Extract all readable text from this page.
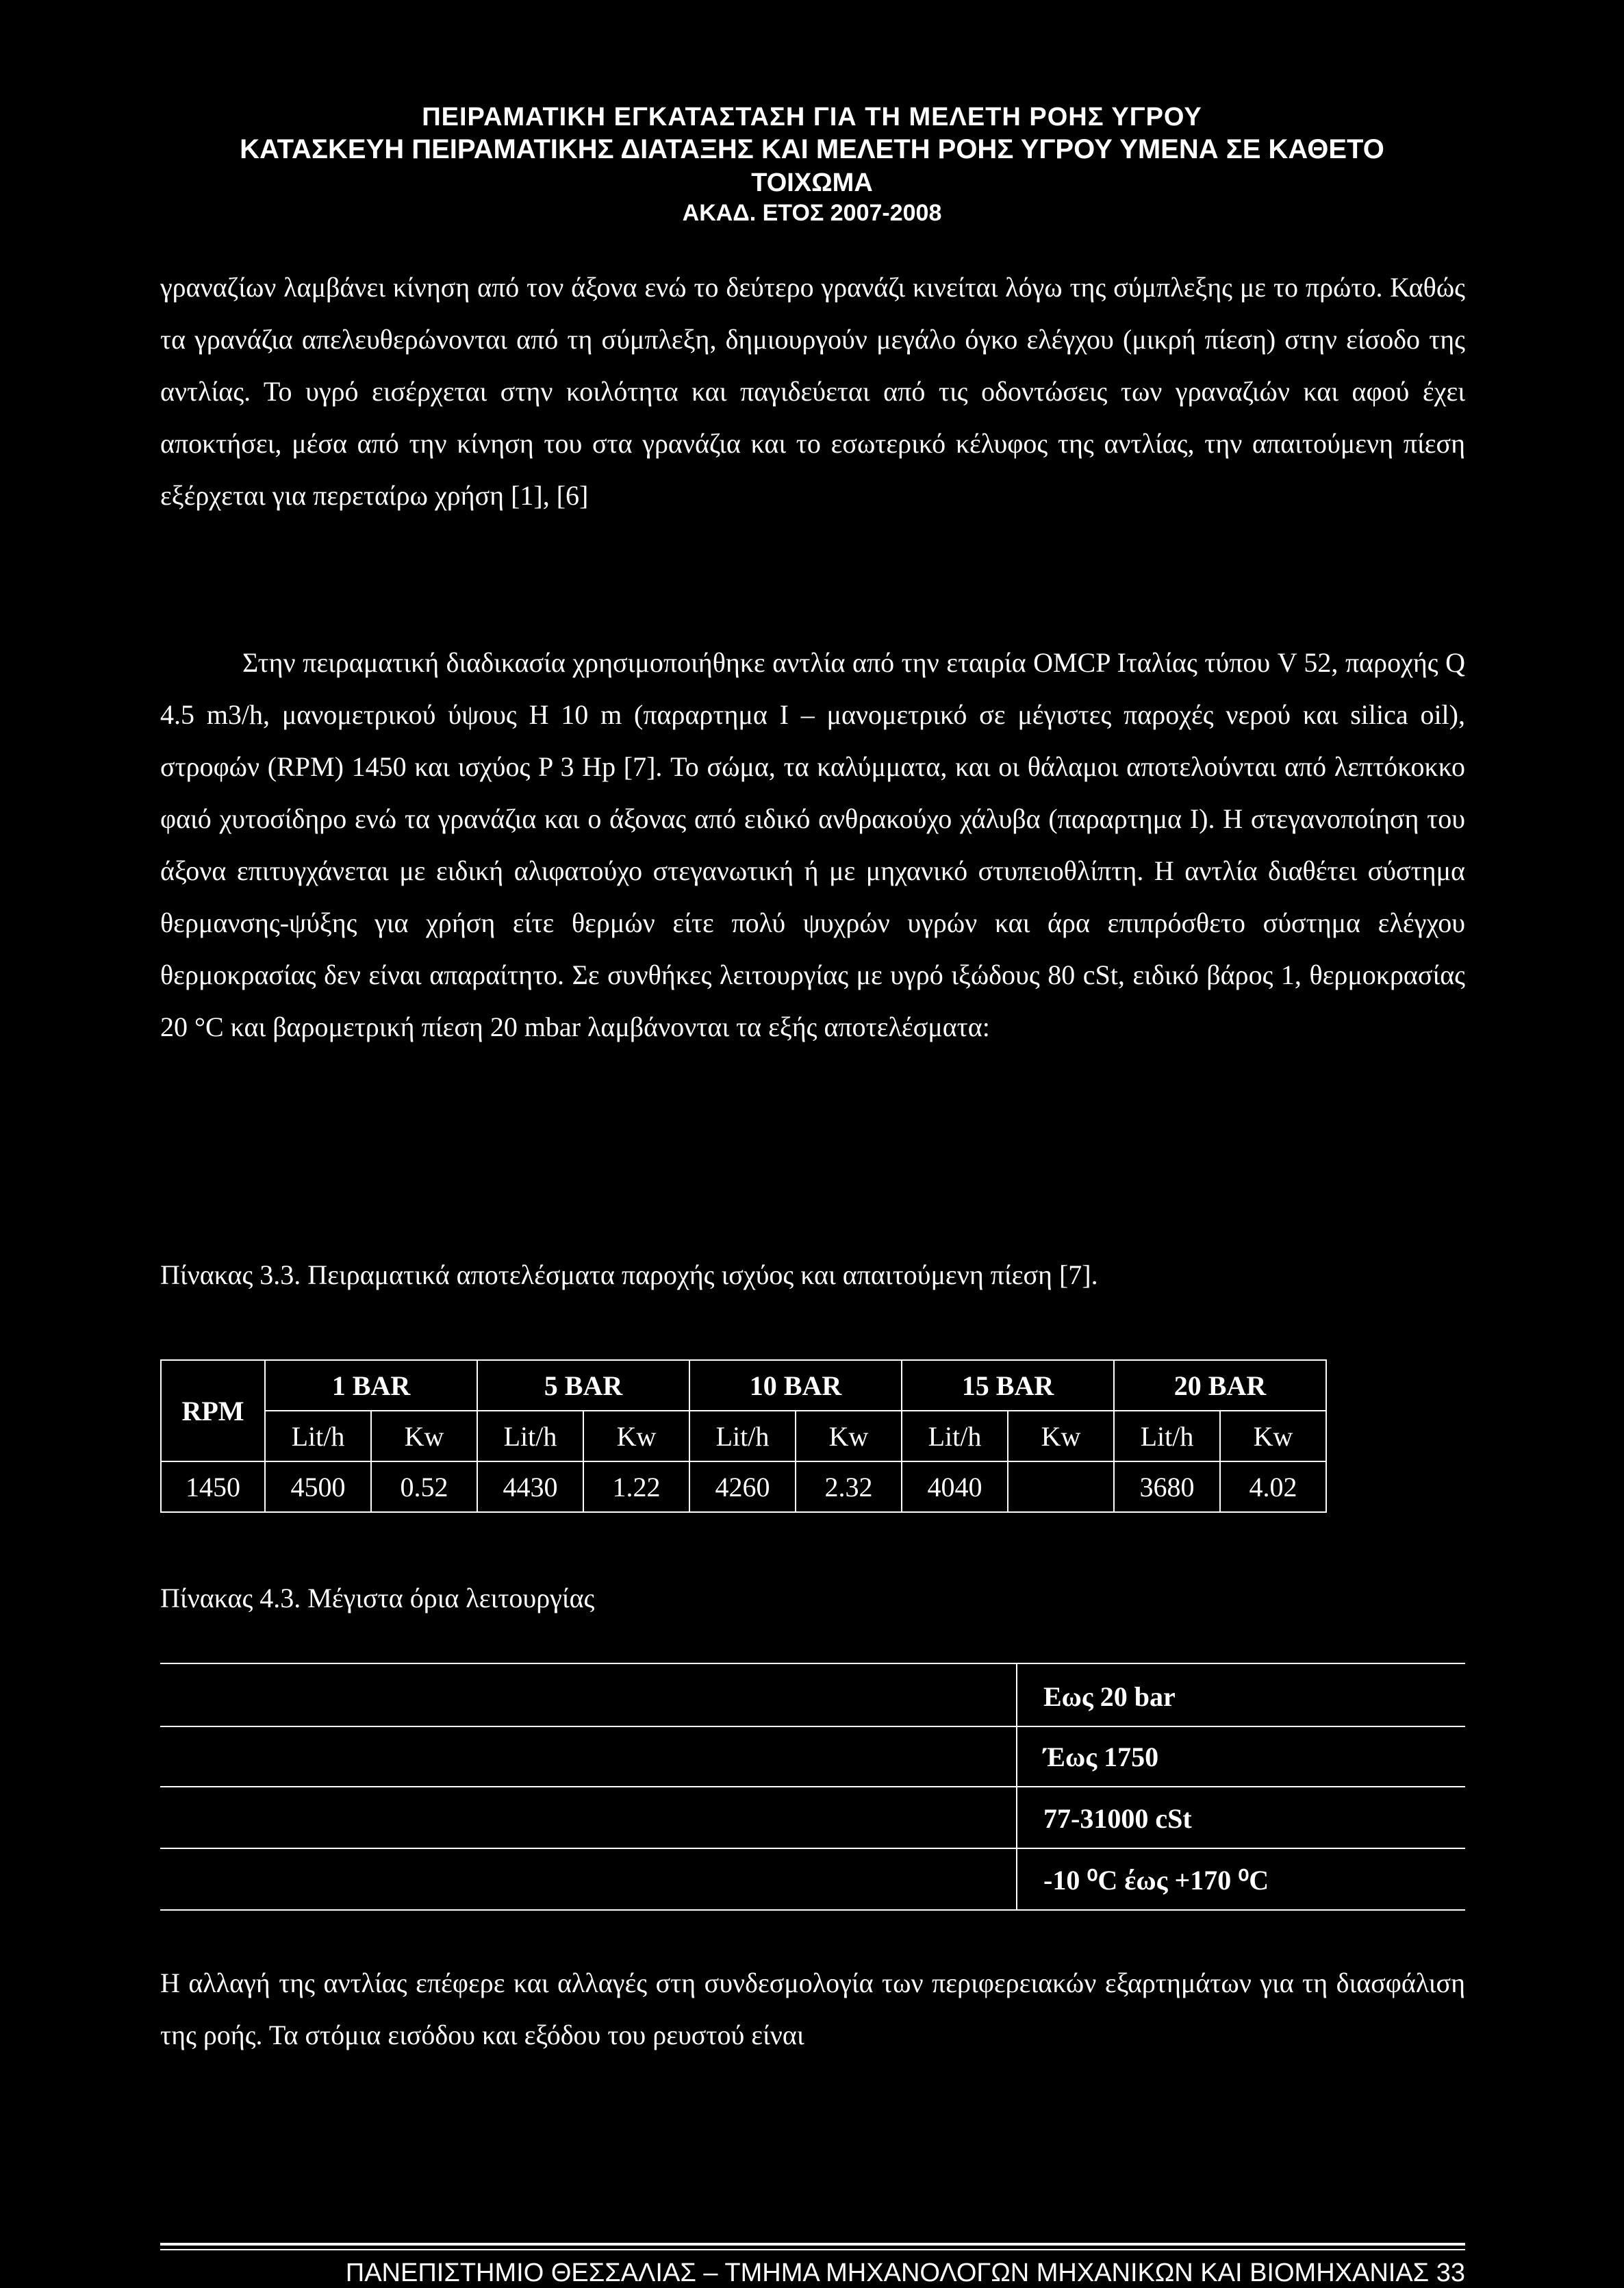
ΠΕΙΡΑΜΑΤΙΚΗ ΕΓΚΑΤΑΣΤΑΣΗ ΓΙΑ ΤΗ ΜΕΛΕΤΗ ΡΟΗΣ ΥΓΡΟΥ
ΚΑΤΑΣΚΕΥΗ ΠΕΙΡΑΜΑΤΙΚΗΣ ΔΙΑΤΑΞΗΣ ΚΑΙ ΜΕΛΕΤΗ ΡΟΗΣ ΥΓΡΟΥ ΥΜΕΝΑ ΣΕ ΚΑΘΕΤΟ
ΤΟΙΧΩΜΑ
ΑΚΑΔ. ΕΤΟΣ 2007-2008

γραναζίων λαμβάνει κίνηση από τον άξονα ενώ το δεύτερο γρανάζι κινείται λόγω της σύμπλεξης με το πρώτο. Καθώς τα γρανάζια απελευθερώνονται από τη σύμπλεξη, δημιουργούν μεγάλο όγκο ελέγχου (μικρή πίεση) στην είσοδο της αντλίας. Το υγρό εισέρχεται στην κοιλότητα και παγιδεύεται από τις οδοντώσεις των γραναζιών και αφού έχει αποκτήσει, μέσα από την κίνηση του στα γρανάζια και το εσωτερικό κέλυφος της αντλίας, την απαιτούμενη πίεση εξέρχεται για περεταίρω χρήση [1], [6]

Στην πειραματική διαδικασία χρησιμοποιήθηκε αντλία από την εταιρία OMCP Ιταλίας τύπου V 52, παροχής Q 4.5 m3/h, μανομετρικού ύψους H 10 m (παραρτημα I – μανομετρικό σε μέγιστες παροχές νερού και silica oil), στροφών (RPM) 1450 και ισχύος P 3 Hp [7]. Το σώμα, τα καλύμματα, και οι θάλαμοι αποτελούνται από λεπτόκοκκο φαιό χυτοσίδηρο ενώ τα γρανάζια και ο άξονας από ειδικό ανθρακούχο χάλυβα (παραρτημα I). Η στεγανοποίηση του άξονα επιτυγχάνεται με ειδική αλιφατούχο στεγανωτική ή με μηχανικό στυπειοθλίπτη. Η αντλία διαθέτει σύστημα θερμανσης-ψύξης για χρήση είτε θερμών είτε πολύ ψυχρών υγρών και άρα επιπρόσθετο σύστημα ελέγχου θερμοκρασίας δεν είναι απαραίτητο. Σε συνθήκες λειτουργίας με υγρό ιξώδους 80 cSt, ειδικό βάρος 1, θερμοκρασίας 20 °C και βαρομετρική πίεση 20 mbar λαμβάνονται τα εξής αποτελέσματα:

Πίνακας 3.3. Πειραματικά αποτελέσματα παροχής ισχύος και απαιτούμενη πίεση [7].
RPM	1 BAR		5 BAR		10 BAR		15 BAR		20 BAR	
	Lit/h	Kw	Lit/h	Kw	Lit/h	Kw	Lit/h	Kw	Lit/h	Kw
1450	4500	0.52	4430	1.22	4260	2.32	4040		3680	4.02
Πίνακας 4.3. Μέγιστα όρια λειτουργίας
Εως 20 bar
Έως 1750
77-31000 cSt
-10 ⁰C έως +170 ⁰C

Η αλλαγή της αντλίας επέφερε και αλλαγές στη συνδεσμολογία των περιφερειακών εξαρτημάτων για τη διασφάλιση της ροής. Τα στόμια εισόδου και εξόδου του ρευστού είναι

ΠΑΝΕΠΙΣΤΗΜΙΟ ΘΕΣΣΑΛΙΑΣ – ΤΜΗΜΑ ΜΗΧΑΝΟΛΟΓΩΝ ΜΗΧΑΝΙΚΩΝ ΚΑΙ ΒΙΟΜΗΧΑΝΙΑΣ 33
